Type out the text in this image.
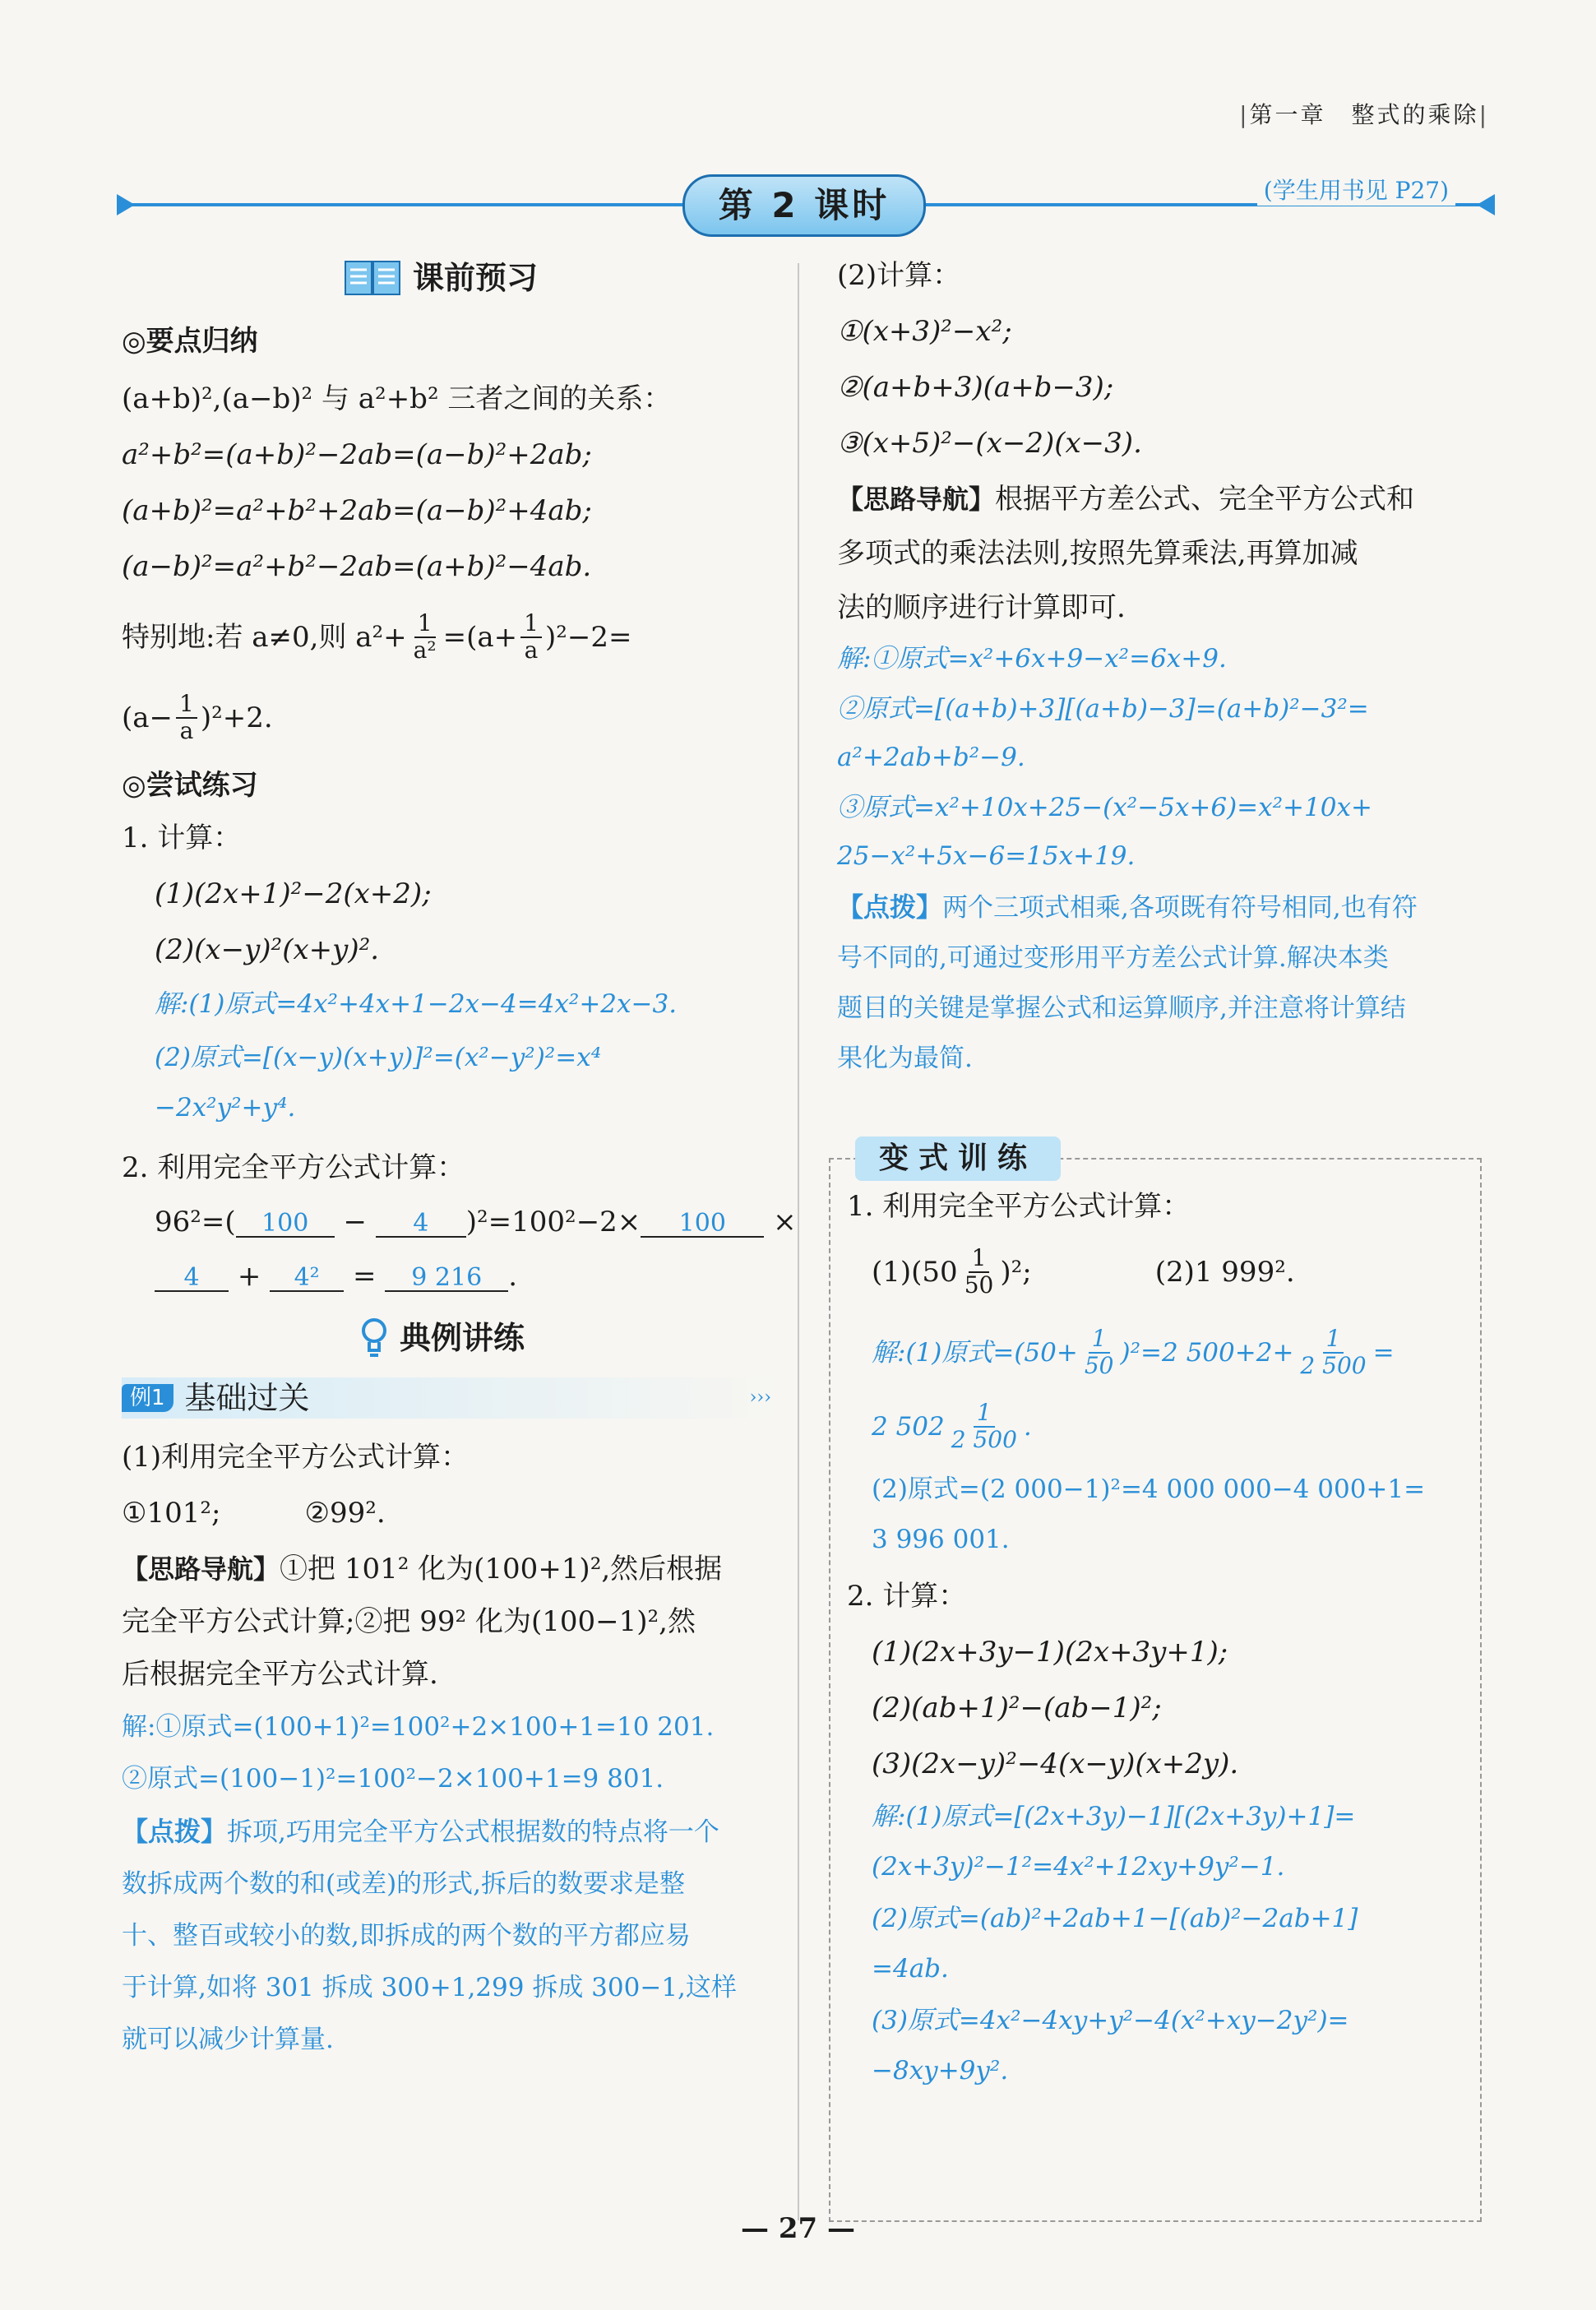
|第一章　 整式的乘除|
第 2 课时	(学生用书见 P27)
课前预习
◎要点归纳
(a+b)²,(a−b)² 与 a²+b² 三者之间的关系：
a²+b²=(a+b)²−2ab=(a−b)²+2ab;
(a+b)²=a²+b²+2ab=(a−b)²+4ab;
(a−b)²=a²+b²−2ab=(a+b)²−4ab.
特别地:若 a≠0,则 $a^2+ \frac{1}{\text{a²}} =(a+ \frac{1}{a} )^2-2=$
$(a- \frac{1}{a} )^2+2$.
◎尝试练习
1. 计算：
(1)(2x+1)²−2(x+2);
(2)(x−y)²(x+y)².
解:(1)原式=4x²+4x+1−2x−4=4x²+2x−3.
(2)原式=[(x−y)(x+y)]²=(x²−y²)²=x⁴
−2x²y²+y⁴.
2. 利用完全平方公式计算：
96²=( 100 − 4 )²=100²−2× 100 ×
4 + 4² = 9 216 .
典例讲练
例1 基础过关	›››
(1)利用完全平方公式计算：
①101²;　　　②99².
【思路导航】①把 101² 化为(100+1)²,然后根据
完全平方公式计算;②把 99² 化为(100−1)²,然
后根据完全平方公式计算.
解:①原式=(100+1)²=100²+2×100+1=10 201.
②原式=(100−1)²=100²−2×100+1=9 801.
【点拨】拆项,巧用完全平方公式根据数的特点将一个
数拆成两个数的和(或差)的形式,拆后的数要求是整
十、整百或较小的数,即拆成的两个数的平方都应易
于计算,如将 301 拆成 300+1,299 拆成 300−1,这样
就可以减少计算量.
(2)计算：
①(x+3)²−x²;
②(a+b+3)(a+b−3);
③(x+5)²−(x−2)(x−3).
【思路导航】根据平方差公式、完全平方公式和
多项式的乘法法则,按照先算乘法,再算加减
法的顺序进行计算即可.
解:①原式=x²+6x+9−x²=6x+9.
②原式=[(a+b)+3][(a+b)−3]=(a+b)²−3²=
a²+2ab+b²−9.
③原式=x²+10x+25−(x²−5x+6)=x²+10x+
25−x²+5x−6=15x+19.
【点拨】两个三项式相乘,各项既有符号相同,也有符
号不同的,可通过变形用平方差公式计算.解决本类
题目的关键是掌握公式和运算顺序,并注意将计算结
果化为最简.
变式训练
1. 利用完全平方公式计算：
$(1)(50 \frac{1}{50} )^2$;	(2)1 999².
解:(1)原式$=(50+ \frac{1}{50} )^2=2$ $500+2+ \frac{1}{2 500}$ =
2 $502 \frac{1}{2 500}$ .
(2)原式=(2 000−1)²=4 000 000−4 000+1=
3 996 001.
2. 计算：
(1)(2x+3y−1)(2x+3y+1);
(2)(ab+1)²−(ab−1)²;
(3)(2x−y)²−4(x−y)(x+2y).
解:(1)原式=[(2x+3y)−1][(2x+3y)+1]=
(2x+3y)²−1²=4x²+12xy+9y²−1.
(2)原式=(ab)²+2ab+1−[(ab)²−2ab+1]
=4ab.
(3)原式=4x²−4xy+y²−4(x²+xy−2y²)=
−8xy+9y².
— 27 —
